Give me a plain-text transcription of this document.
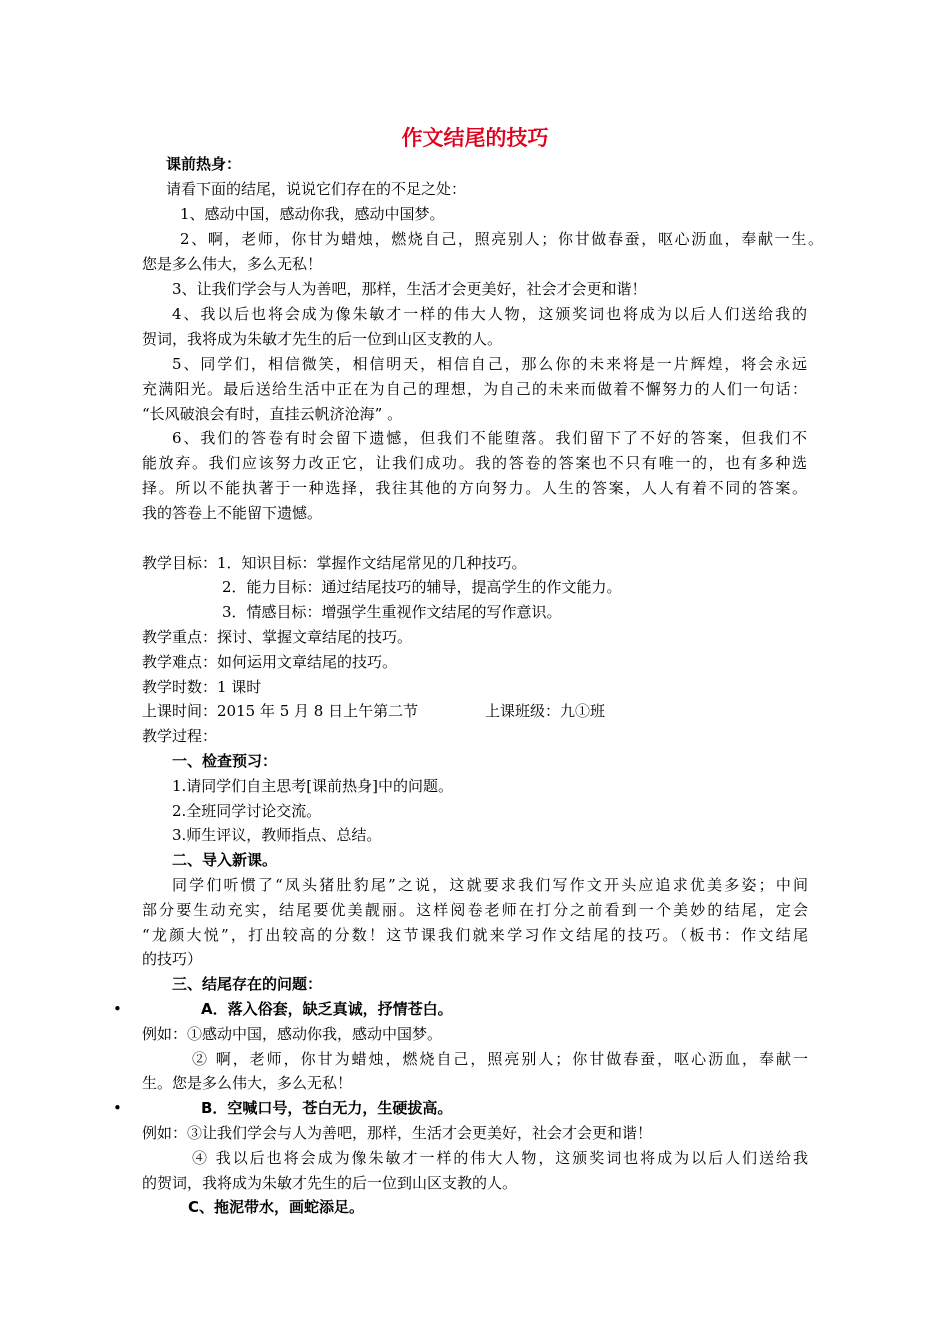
作文结尾的技巧
课前热身：
请看下面的结尾，说说它们存在的不足之处：
1、感动中国，感动你我，感动中国梦。
2、啊，老师，你甘为蜡烛，燃烧自己，照亮别人；你甘做春蚕，呕心沥血，奉献一生。
您是多么伟大，多么无私！
3、让我们学会与人为善吧，那样，生活才会更美好，社会才会更和谐！
4、我以后也将会成为像朱敏才一样的伟大人物，这颁奖词也将成为以后人们送给我的
贺词，我将成为朱敏才先生的后一位到山区支教的人。
5、同学们，相信微笑，相信明天，相信自己，那么你的未来将是一片辉煌，将会永远
充满阳光。最后送给生活中正在为自己的理想，为自己的未来而做着不懈努力的人们一句话：
“长风破浪会有时，直挂云帆济沧海” 。
6、我们的答卷有时会留下遗憾，但我们不能堕落。我们留下了不好的答案，但我们不
能放弃。我们应该努力改正它，让我们成功。我的答卷的答案也不只有唯一的，也有多种选
择。所以不能执著于一种选择，我往其他的方向努力。人生的答案，人人有着不同的答案。
我的答卷上不能留下遗憾。
教学目标：1．知识目标：掌握作文结尾常见的几种技巧。
2．能力目标：通过结尾技巧的辅导，提高学生的作文能力。
3．情感目标：增强学生重视作文结尾的写作意识。
教学重点：探讨、掌握文章结尾的技巧。
教学难点：如何运用文章结尾的技巧。
教学时数：1 课时
上课时间：2015 年 5 月 8 日上午第二节	上课班级：九①班
教学过程：
一、检查预习：
1.请同学们自主思考[课前热身]中的问题。
2.全班同学讨论交流。
3.师生评议，教师指点、总结。
二、导入新课。
同学们听惯了“凤头猪肚豹尾”之说，这就要求我们写作文开头应追求优美多姿；中间
部分要生动充实，结尾要优美靓丽。这样阅卷老师在打分之前看到一个美妙的结尾，定会
“龙颜大悦”，打出较高的分数！这节课我们就来学习作文结尾的技巧。（板书：作文结尾
的技巧）
三、结尾存在的问题：
•	A．落入俗套，缺乏真诚，抒情苍白。
例如：①感动中国，感动你我，感动中国梦。
② 啊，老师，你甘为蜡烛，燃烧自己，照亮别人；你甘做春蚕，呕心沥血，奉献一
生。您是多么伟大，多么无私！
•	B．空喊口号，苍白无力，生硬拔高。
例如：③让我们学会与人为善吧，那样，生活才会更美好，社会才会更和谐！
④ 我以后也将会成为像朱敏才一样的伟大人物，这颁奖词也将成为以后人们送给我
的贺词，我将成为朱敏才先生的后一位到山区支教的人。
C、拖泥带水，画蛇添足。
